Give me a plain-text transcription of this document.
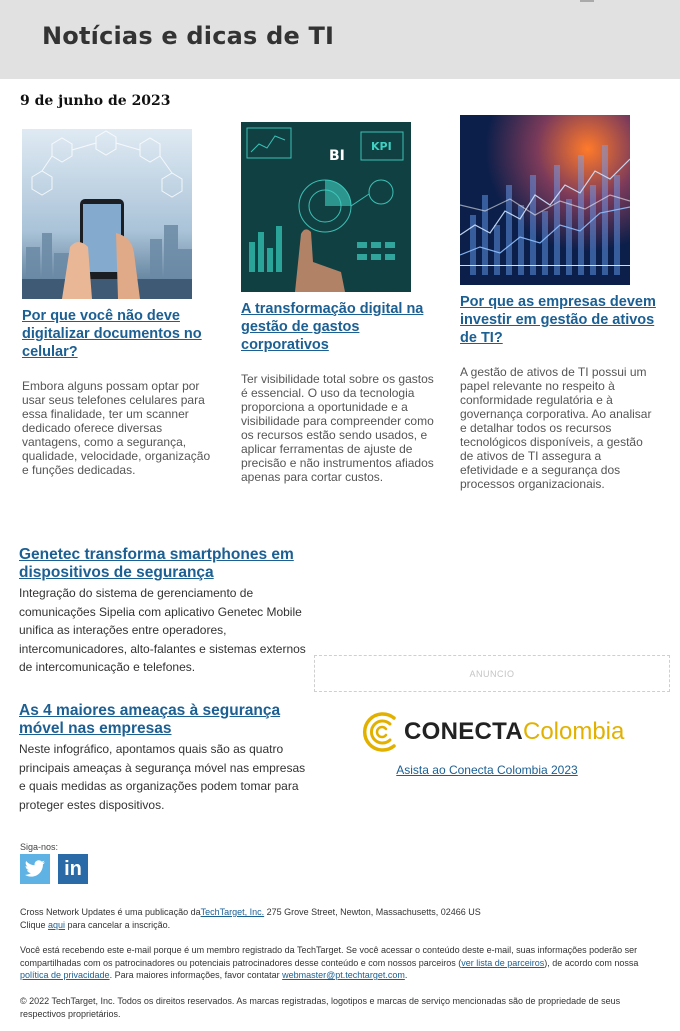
Notícias e dicas de TI
9 de junho de 2023
Por que você não deve digitalizar documentos no celular?

Embora alguns possam optar por usar seus telefones celulares para essa finalidade, ter um scanner dedicado oferece diversas vantagens, como a segurança, qualidade, velocidade, organização e funções dedicadas.

BI
KPI
A transformação digital na gestão de gastos corporativos

Ter visibilidade total sobre os gastos é essencial. O uso da tecnologia proporciona a oportunidade e a visibilidade para compreender como os recursos estão sendo usados, e aplicar ferramentas de ajuste de precisão e não instrumentos afiados apenas para cortar custos.

Por que as empresas devem investir em gestão de ativos de TI?

A gestão de ativos de TI possui um papel relevante no respeito à conformidade regulatória e à governança corporativa. Ao analisar e detalhar todos os recursos tecnológicos disponíveis, a gestão de ativos de TI assegura a efetividade e a segurança dos processos organizacionais.

Genetec transforma smartphones em dispositivos de segurança

Integração do sistema de gerenciamento de comunicações Sipelia com aplicativo Genetec Mobile unifica as interações entre operadores, intercomunicadores, alto-falantes e sistemas externos de intercomunicação e telefones.

As 4 maiores ameaças à segurança móvel nas empresas

Neste infográfico, apontamos quais são as quatro principais ameaças à segurança móvel nas empresas e quais medidas as organizações podem tomar para proteger estes dispositivos.

ANUNCIO
CONECTAColombia
Asista ao Conecta Colombia 2023
Siga-nos:
in
Cross Network Updates é uma publicação daTechTarget, Inc. 275 Grove Street, Newton, Massachusetts, 02466 US
Clique aqui para cancelar a inscrição.
Você está recebendo este e-mail porque é um membro registrado da TechTarget. Se você acessar o conteúdo deste e-mail, suas informações poderão ser compartilhadas com os patrocinadores ou potenciais patrocinadores desse conteúdo e com nossos parceiros (ver lista de parceiros), de acordo com nossa política de privacidade. Para maiores informações, favor contatar webmaster@pt.techtarget.com.
© 2022 TechTarget, Inc. Todos os direitos reservados. As marcas registradas, logotipos e marcas de serviço mencionadas são de propriedade de seus respectivos proprietários.
